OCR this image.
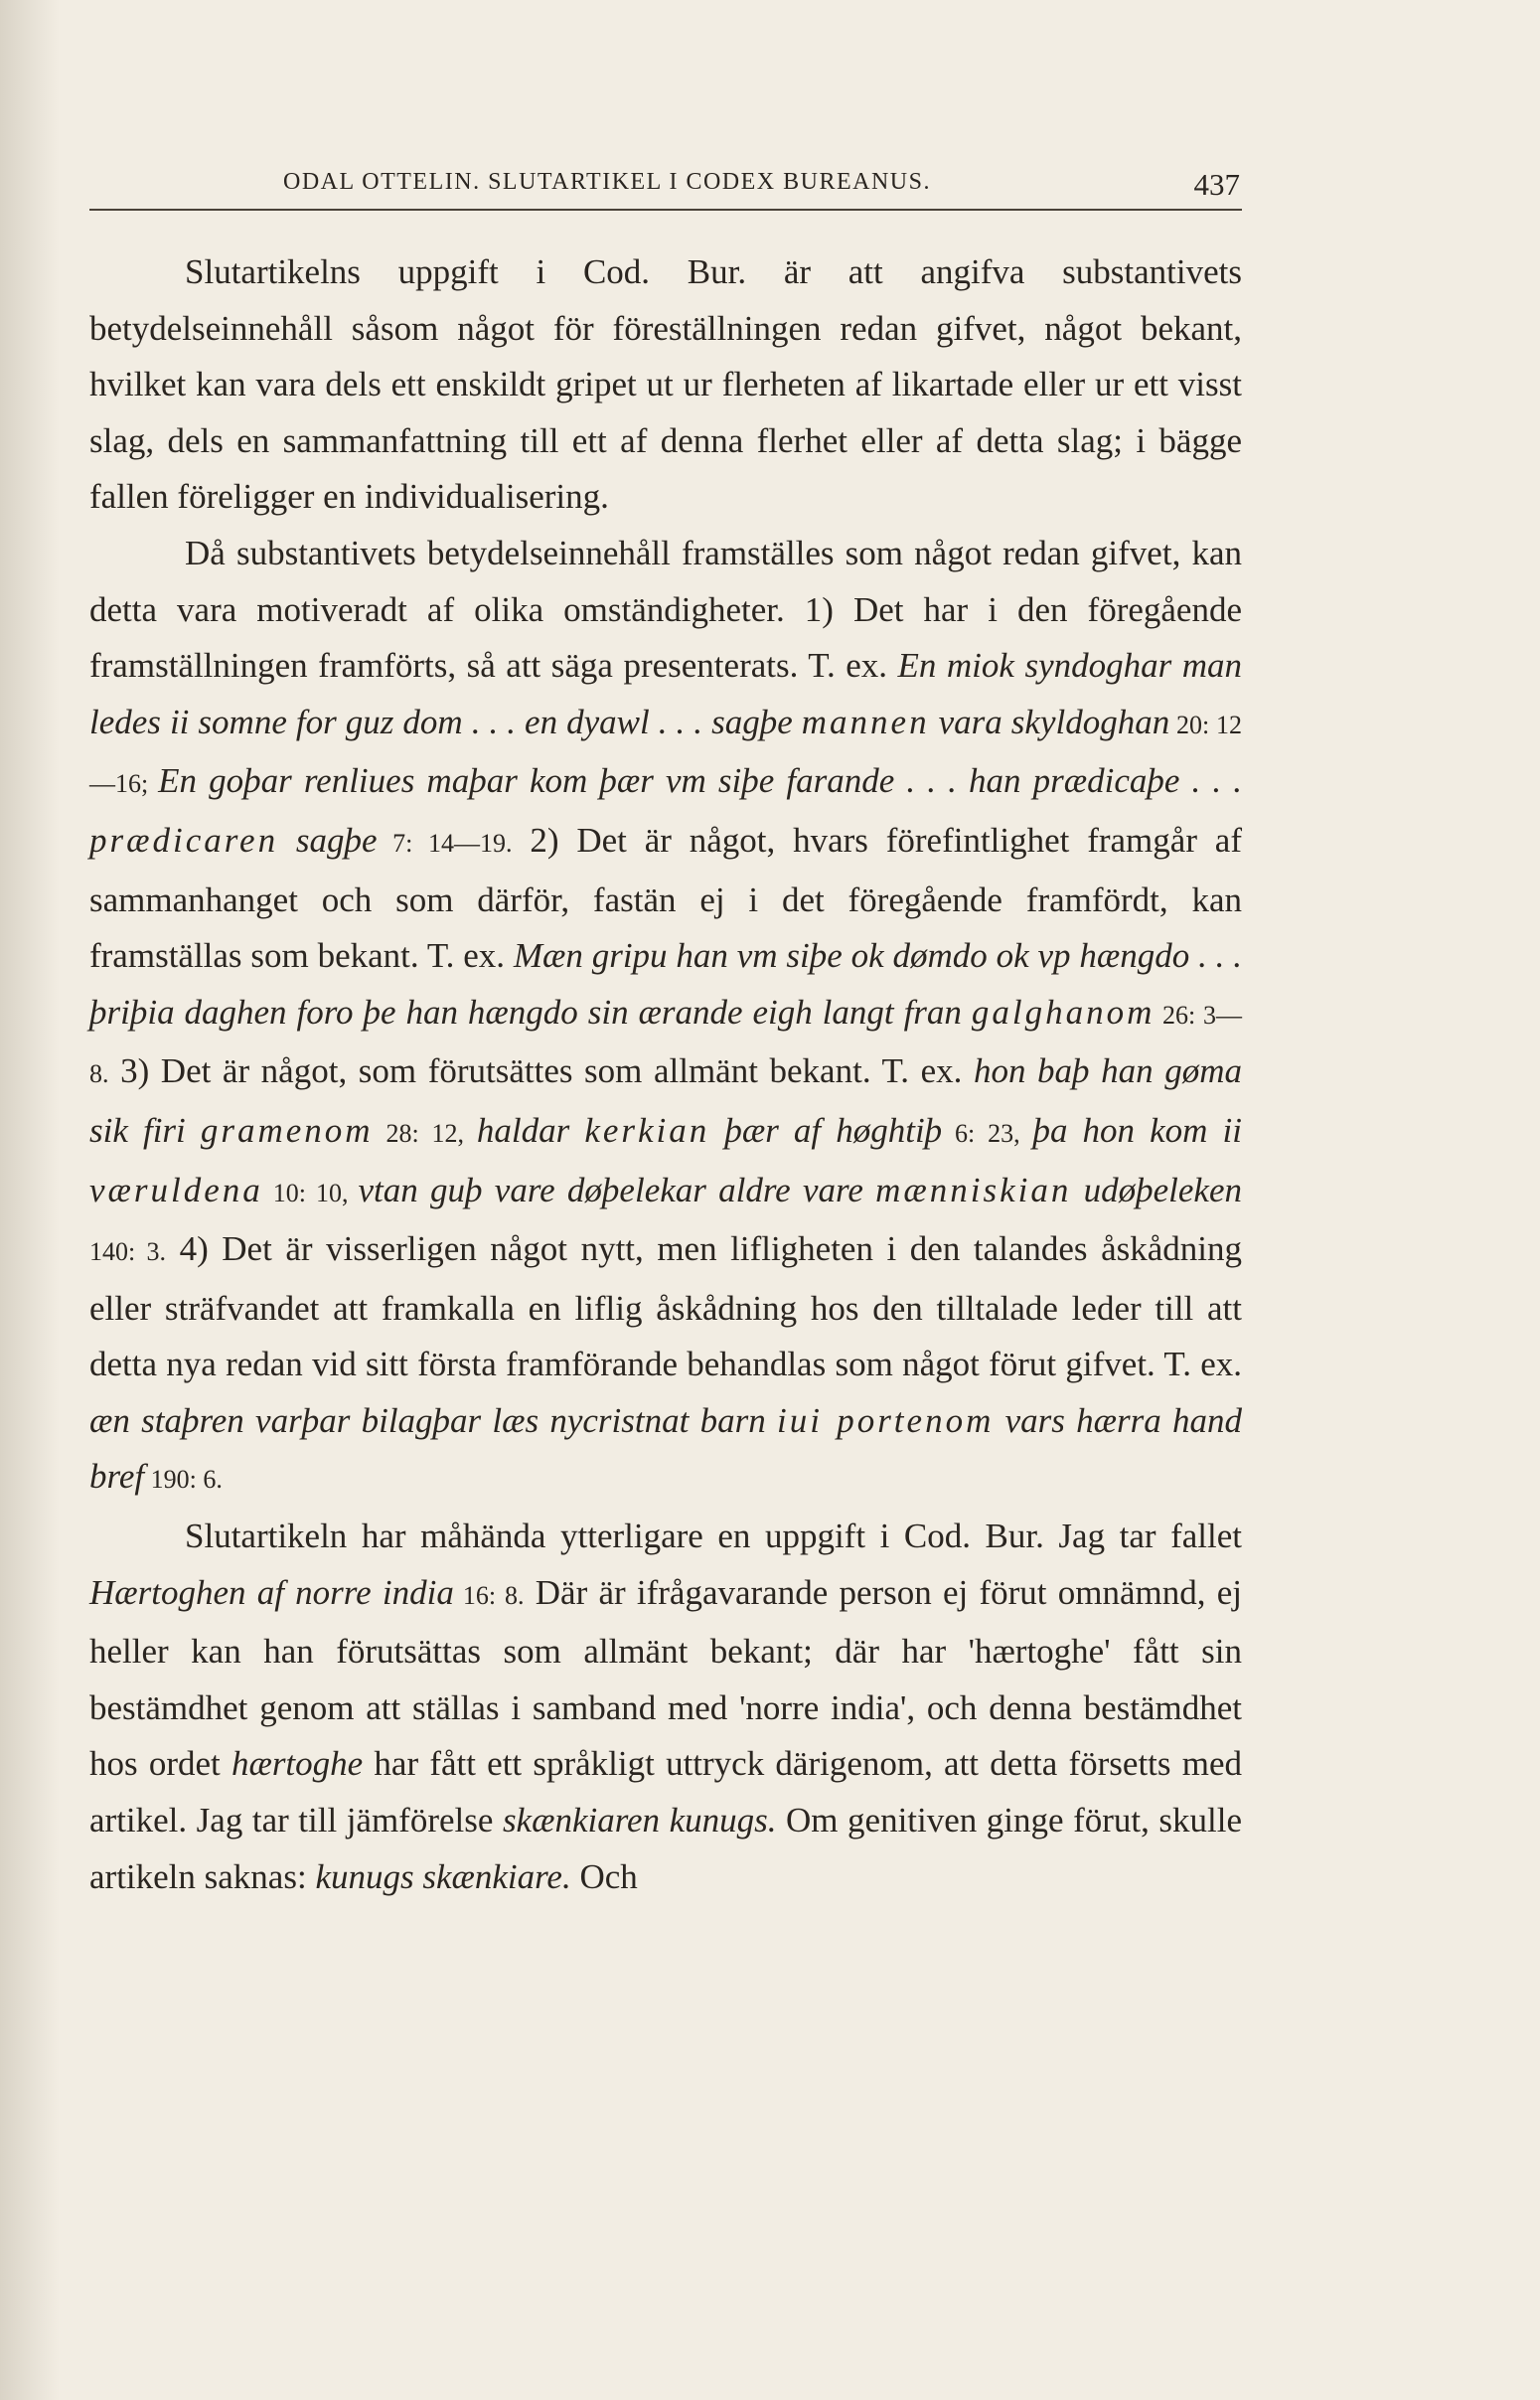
ODAL OTTELIN. SLUTARTIKEL I CODEX BUREANUS.	437

Slutartikelns uppgift i Cod. Bur. är att angifva substantivets betydelseinnehåll såsom något för föreställningen redan gifvet, något bekant, hvilket kan vara dels ett enskildt gripet ut ur flerheten af likartade eller ur ett visst slag, dels en sammanfattning till ett af denna flerhet eller af detta slag; i bägge fallen föreligger en individualisering.

Då substantivets betydelseinnehåll framställes som något redan gifvet, kan detta vara motiveradt af olika omständigheter. 1) Det har i den föregående framställningen framförts, så att säga presenterats. T. ex. En miok syndoghar man ledes ii somne for guz dom . . . en dyawl . . . sagþe mannen vara skyldoghan 20: 12—16; En goþar renliues maþar kom þær vm siþe farande . . . han prædicaþe . . . prædicaren sagþe 7: 14—19. 2) Det är något, hvars förefintlighet framgår af sammanhanget och som därför, fastän ej i det föregående framfördt, kan framställas som bekant. T. ex. Mæn gripu han vm siþe ok dømdo ok vp hængdo . . . þriþia daghen foro þe han hængdo sin ærande eigh langt fran galghanom 26: 3—8. 3) Det är något, som förutsättes som allmänt bekant. T. ex. hon baþ han gøma sik firi gramenom 28: 12, haldar kerkian þær af høghtiþ 6: 23, þa hon kom ii væruldena 10: 10, vtan guþ vare døþelekar aldre vare mænniskian udøþeleken 140: 3. 4) Det är visserligen något nytt, men lifligheten i den talandes åskådning eller sträfvandet att framkalla en liflig åskådning hos den tilltalade leder till att detta nya redan vid sitt första framförande behandlas som något förut gifvet. T. ex. æn staþren varþar bilagþar læs nycristnat barn iui portenom vars hærra hand bref 190: 6.

Slutartikeln har måhända ytterligare en uppgift i Cod. Bur. Jag tar fallet Hærtoghen af norre india 16: 8. Där är ifrågavarande person ej förut omnämnd, ej heller kan han förutsättas som allmänt bekant; där har 'hærtoghe' fått sin bestämdhet genom att ställas i samband med 'norre india', och denna bestämdhet hos ordet hærtoghe har fått ett språkligt uttryck därigenom, att detta försetts med artikel. Jag tar till jämförelse skænkiaren kunugs. Om genitiven ginge förut, skulle artikeln saknas: kunugs skænkiare. Och
